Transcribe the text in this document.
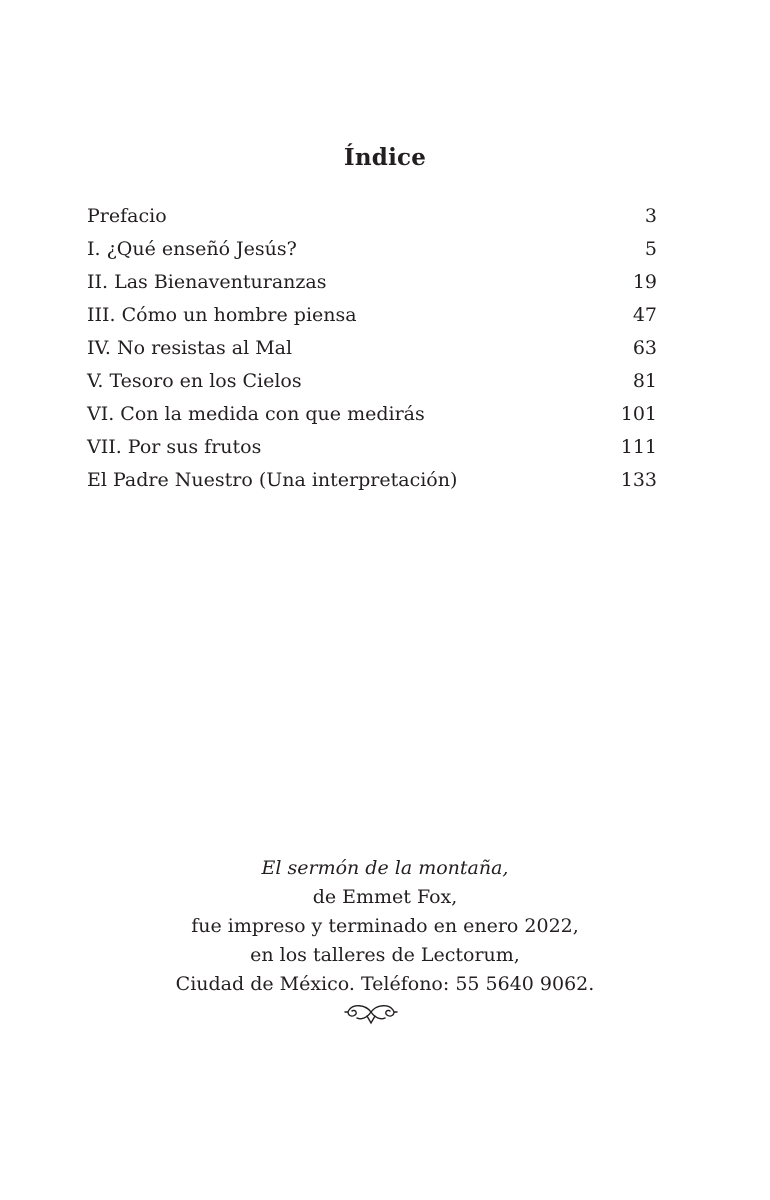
Índice
Prefacio	3
I. ¿Qué enseñó Jesús?	5
II. Las Bienaventuranzas	19
III. Cómo un hombre piensa	47
IV. No resistas al Mal	63
V. Tesoro en los Cielos	81
VI. Con la medida con que medirás	101
VII. Por sus frutos	111
El Padre Nuestro (Una interpretación)	133
El sermón de la montaña,
de Emmet Fox,
fue impreso y terminado en enero 2022,
en los talleres de Lectorum,
Ciudad de México. Teléfono: 55 5640 9062.
